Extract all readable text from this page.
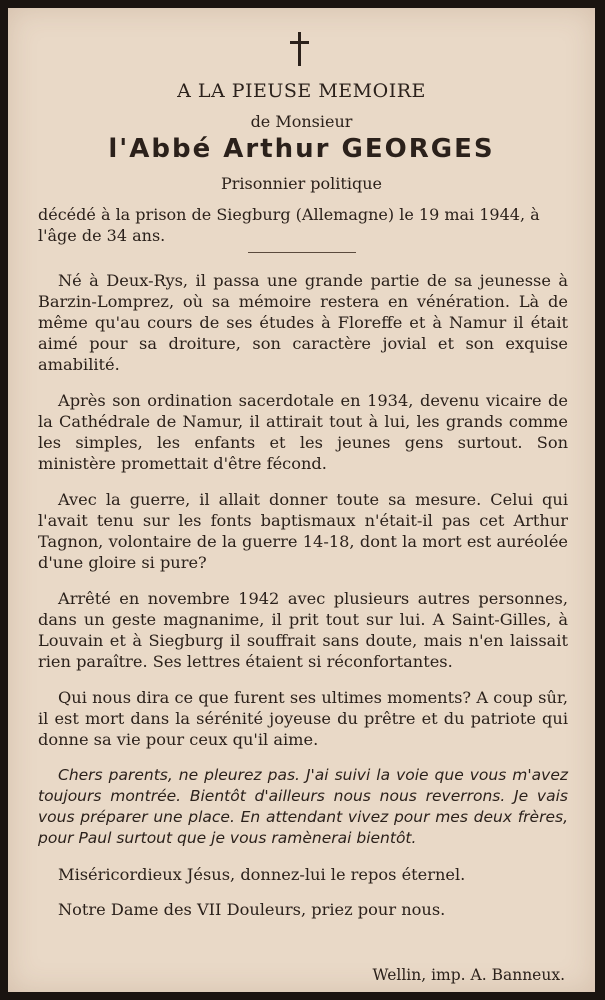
A LA PIEUSE MEMOIRE
de Monsieur
l'Abbé Arthur GEORGES
Prisonnier politique
décédé à la prison de Siegburg (Allemagne) le 19 mai 1944, à l'âge de 34 ans.

Né à Deux-Rys, il passa une grande partie de sa jeunesse à Barzin-Lomprez, où sa mémoire restera en vénération. Là de même qu'au cours de ses études à Floreffe et à Namur il était aimé pour sa droiture, son caractère jovial et son exquise amabilité.

Après son ordination sacerdotale en 1934, devenu vicaire de la Cathédrale de Namur, il attirait tout à lui, les grands comme les simples, les enfants et les jeunes gens surtout. Son ministère promettait d'être fécond.

Avec la guerre, il allait donner toute sa mesure. Celui qui l'avait tenu sur les fonts baptismaux n'était-il pas cet Arthur Tagnon, volontaire de la guerre 14-18, dont la mort est auréolée d'une gloire si pure?

Arrêté en novembre 1942 avec plusieurs autres personnes, dans un geste magnanime, il prit tout sur lui. A Saint-Gilles, à Louvain et à Siegburg il souffrait sans doute, mais n'en laissait rien paraître. Ses lettres étaient si réconfortantes.

Qui nous dira ce que furent ses ultimes moments? A coup sûr, il est mort dans la sérénité joyeuse du prêtre et du patriote qui donne sa vie pour ceux qu'il aime.

Chers parents, ne pleurez pas. J'ai suivi la voie que vous m'avez toujours montrée. Bientôt d'ailleurs nous nous reverrons. Je vais vous préparer une place. En attendant vivez pour mes deux frères, pour Paul surtout que je vous ramènerai bientôt.

Miséricordieux Jésus, donnez-lui le repos éternel.

Notre Dame des VII Douleurs, priez pour nous.

Wellin, imp. A. Banneux.
